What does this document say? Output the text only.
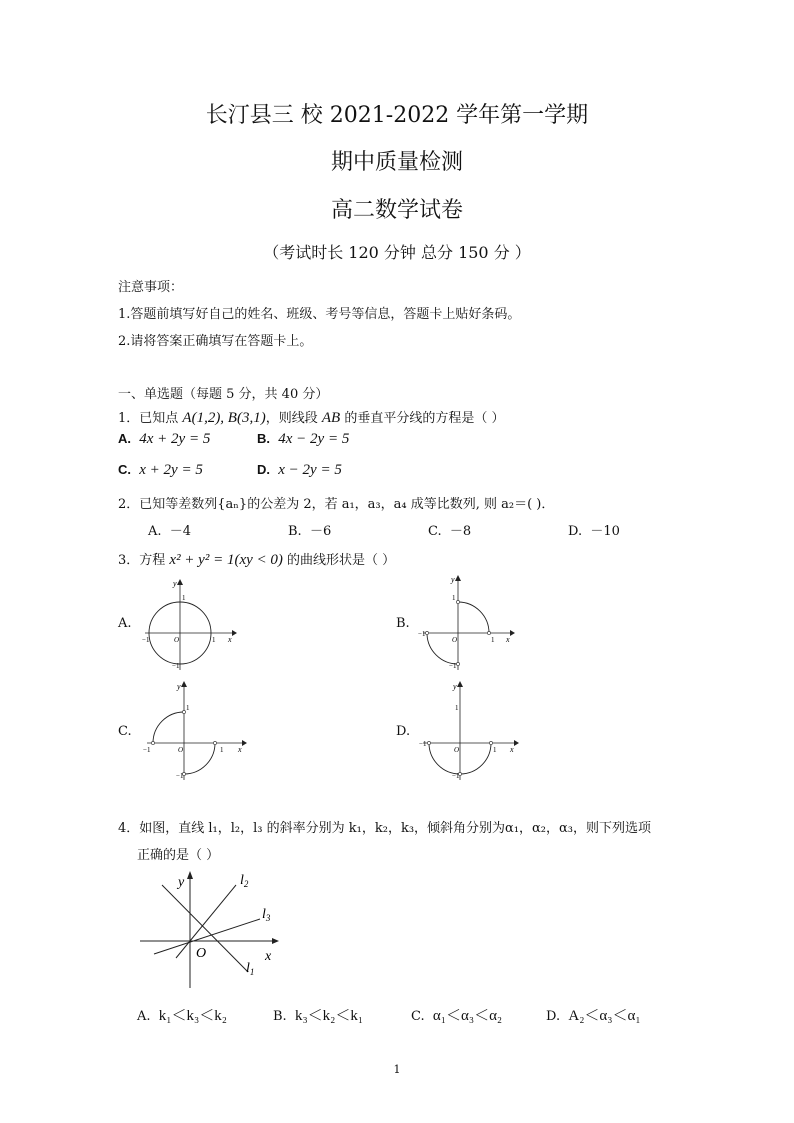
长汀县三 校 2021-2022 学年第一学期
期中质量检测
高二数学试卷
（考试时长 120 分钟 总分 150 分 ）
注意事项：
1.答题前填写好自己的姓名、班级、考号等信息，答题卡上贴好条码。
2.请将答案正确填写在答题卡上。
一、单选题（每题 5 分，共 40 分）
1．已知点 A(1,2), B(3,1)，则线段 AB 的垂直平分线的方程是（ ）
A. 4x + 2y = 5	B. 4x − 2y = 5
C. x + 2y = 5	D. x − 2y = 5
2．已知等差数列{aₙ}的公差为 2，若 a₁，a₃，a₄ 成等比数列, 则 a₂＝( )．
A. －4	B. －6	C. －8	D. －10
3．方程 x² + y² = 1(xy < 0) 的曲线形状是（ ）
A.	B.
C.	D.
x
y
O	1
−1
1
−1
x
y
O	1
−1
1
−1
x
y
O	1
−1
1
−1
x
y
O	1
−1
1
−1
4．如图，直线 l₁，l₂，l₃ 的斜率分别为 k₁，k₂，k₃，倾斜角分别为α₁，α₂，α₃，则下列选项
正确的是（ ）
y
x
O
$l_2$
$l_3$
$l_1$
A. k₁＜k₃＜k₂	B. k₃＜k₂＜k₁	C. α₁＜α₃＜α₂	D. A₂＜α₃＜α₁
1
